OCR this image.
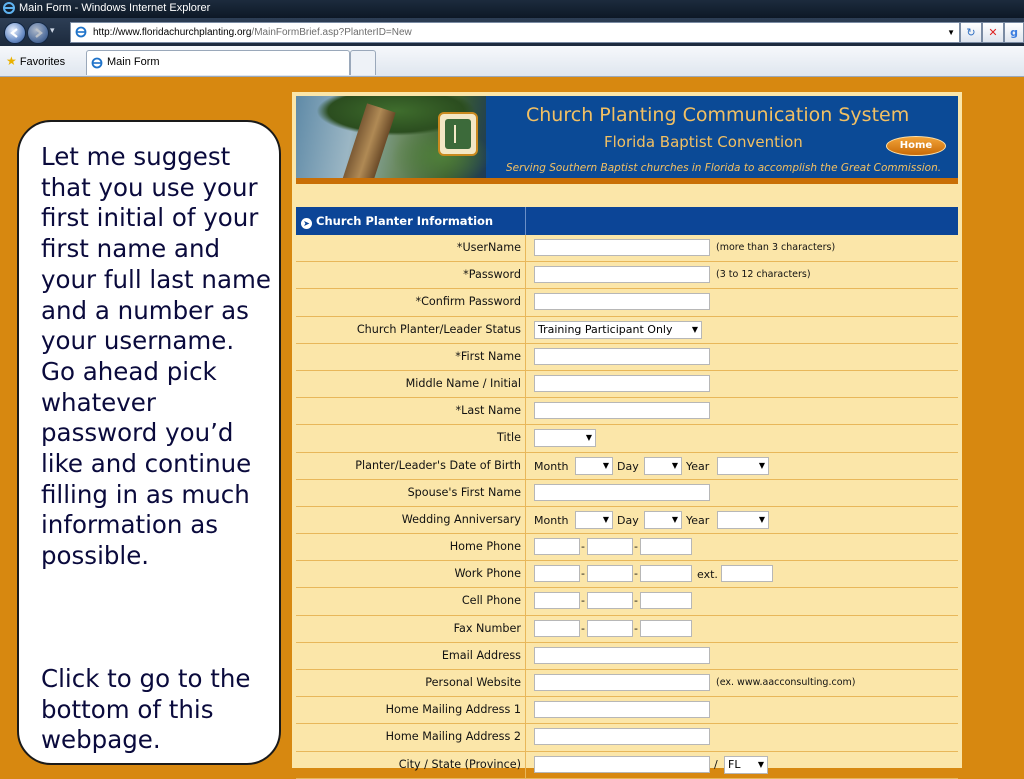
Main Form - Windows Internet Explorer
▾	http://www.floridachurchplanting.org/MainFormBrief.asp?PlanterID=New	▼	↻	✕	g
★ Favorites	Main Form

Let me suggest that you use your first initial of your first name and your full last name and a number as your username. Go ahead pick whatever password you’d like and continue filling in as much information as possible.

Click to go to the bottom of this webpage.

Church Planting Communication System
Florida Baptist Convention
Serving Southern Baptist churches in Florida to accomplish the Great Commission.
Home
➤ Church Planter Information
*UserName	(more than 3 characters)
*Password	(3 to 12 characters)
*Confirm Password
Church Planter/Leader Status	Training Participant Only ▼
*First Name
Middle Name / Initial
*Last Name
Title	▼
Planter/Leader's Date of Birth	Month	▼ Day	▼ Year	▼
Spouse's First Name
Wedding Anniversary	Month	▼ Day	▼ Year	▼
Home Phone	-	-
Work Phone	-	-	ext.
Cell Phone	-	-
Fax Number	-	-
Email Address
Personal Website	(ex. www.aacconsulting.com)
Home Mailing Address 1
Home Mailing Address 2
City / State (Province)	/ FL ▼
